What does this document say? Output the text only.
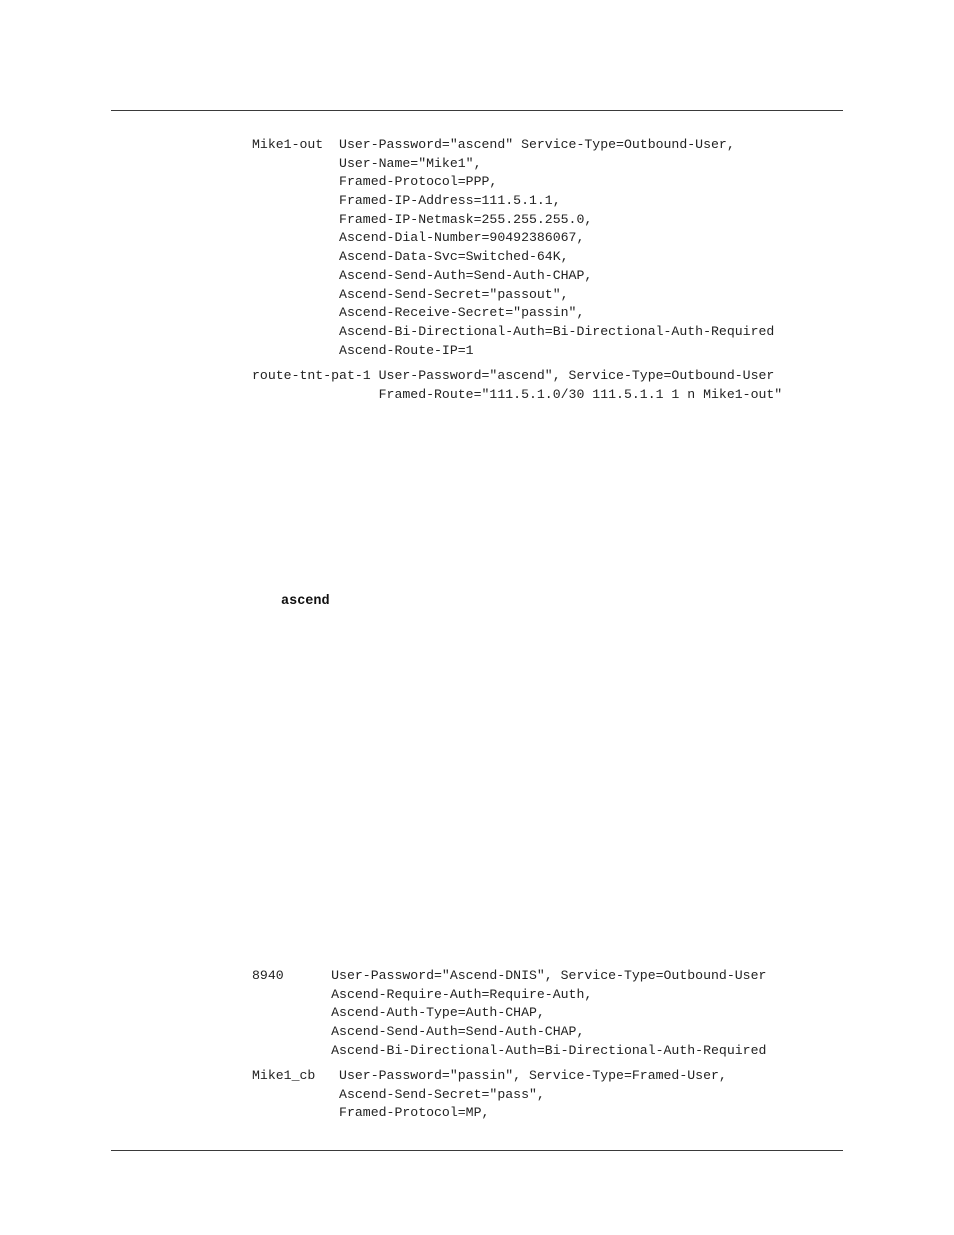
Mike1-out  User-Password="ascend" Service-Type=Outbound-User,
User-Name="Mike1",
Framed-Protocol=PPP,
Framed-IP-Address=111.5.1.1,
Framed-IP-Netmask=255.255.255.0,
Ascend-Dial-Number=90492386067,
Ascend-Data-Svc=Switched-64K,
Ascend-Send-Auth=Send-Auth-CHAP,
Ascend-Send-Secret="passout",
Ascend-Receive-Secret="passin",
Ascend-Bi-Directional-Auth=Bi-Directional-Auth-Required
Ascend-Route-IP=1
route-tnt-pat-1 User-Password="ascend", Service-Type=Outbound-User
Framed-Route="111.5.1.0/30 111.5.1.1 1 n Mike1-out"
ascend
8940      User-Password="Ascend-DNIS", Service-Type=Outbound-User
Ascend-Require-Auth=Require-Auth,
Ascend-Auth-Type=Auth-CHAP,
Ascend-Send-Auth=Send-Auth-CHAP,
Ascend-Bi-Directional-Auth=Bi-Directional-Auth-Required
Mike1_cb   User-Password="passin", Service-Type=Framed-User,
Ascend-Send-Secret="pass",
Framed-Protocol=MP,
